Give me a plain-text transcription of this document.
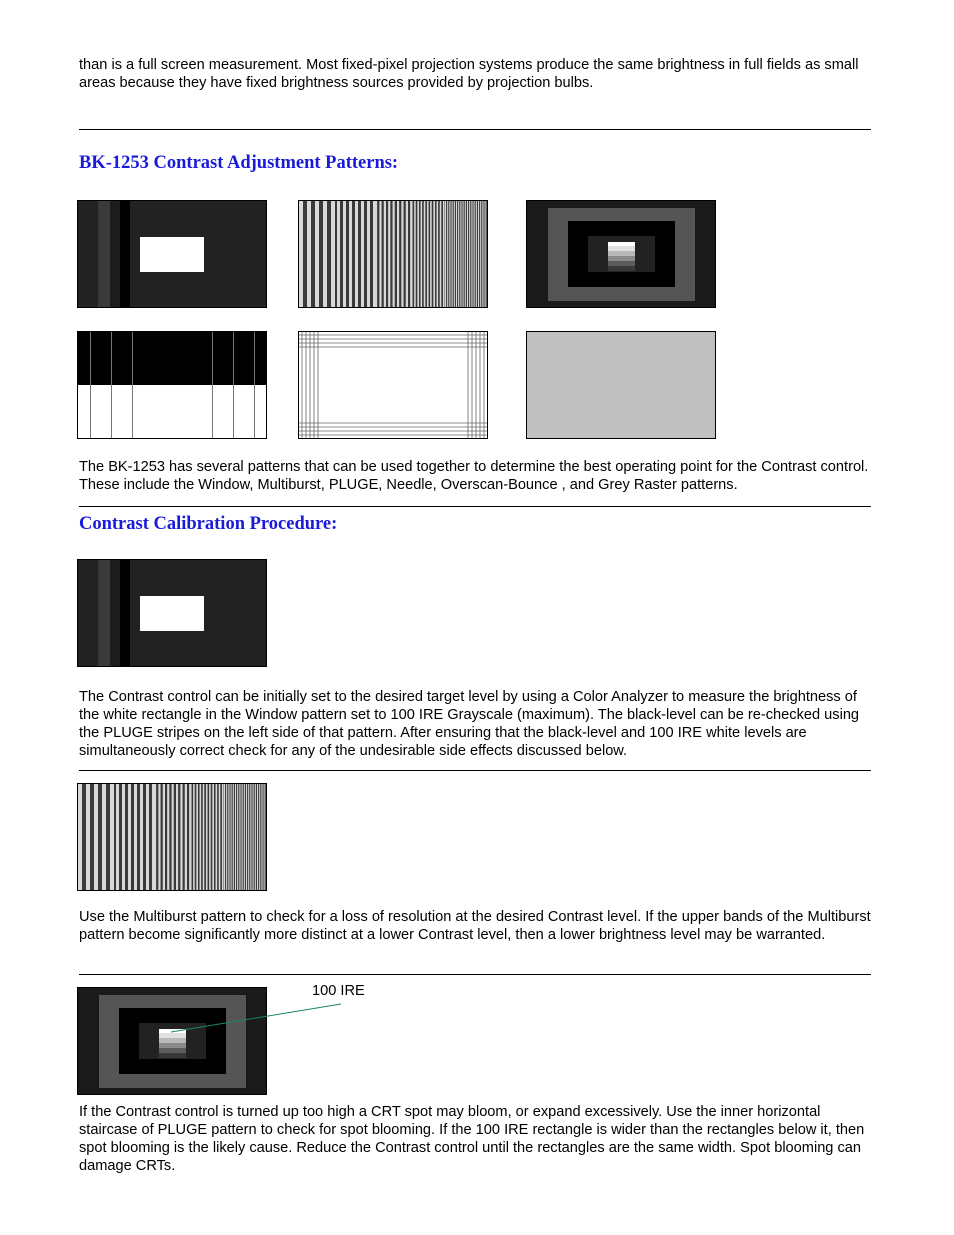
than is a full screen measurement. Most fixed-pixel projection systems produce the same brightness in full fields as small areas because they have fixed brightness sources provided by projection bulbs.

BK-1253 Contrast Adjustment Patterns:

The BK-1253 has several patterns that can be used together to determine the best operating point for the Contrast control. These include the Window, Multiburst, PLUGE, Needle, Overscan-Bounce , and Grey Raster patterns.

Contrast Calibration Procedure:

The Contrast control can be initially set to the desired target level by using a Color Analyzer to measure the brightness of the white rectangle in the Window pattern set to 100 IRE Grayscale (maximum). The black-level can be re-checked using the PLUGE stripes on the left side of that pattern. After ensuring that the black-level and 100 IRE white levels are simultaneously correct check for any of the undesirable side effects discussed below.

Use the Multiburst pattern to check for a loss of resolution at the desired Contrast level. If the upper bands of the Multiburst pattern become significantly more distinct at a lower Contrast level, then a lower brightness level may be warranted.

100 IRE

If the Contrast control is turned up too high a CRT spot may bloom, or expand excessively. Use the inner horizontal staircase of PLUGE pattern to check for spot blooming. If the 100 IRE rectangle is wider than the rectangles below it, then spot blooming is the likely cause. Reduce the Contrast control until the rectangles are the same width. Spot blooming can damage CRTs.
